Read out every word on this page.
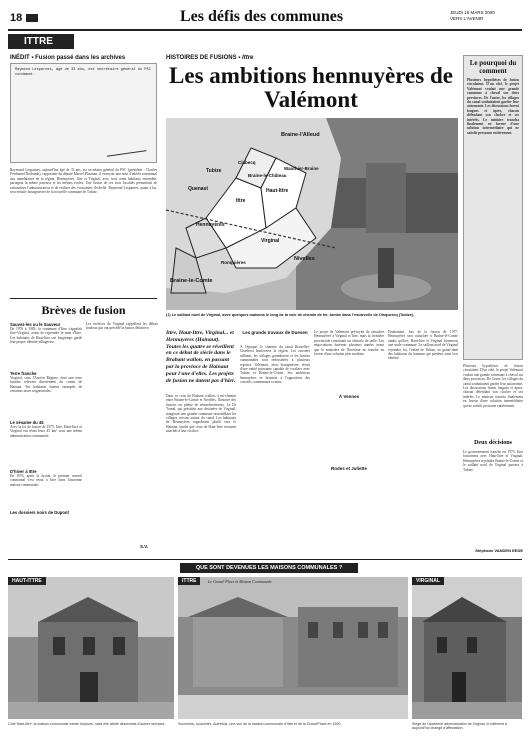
18	Les défis des communes	JEUDI 16 MARS 2000
VERS L'AVENIR
ITTRE
INÉDIT ▪ Fusion passé dans les archives
Raymond Lesparnes, âgé de 33 ans, est secrétaire général du PSC condamné.
Raymond Lesparnes, aujourd'hui âgé de 33 ans, est secrétaire général du PSC (président : Charles Ferdinand Nothomb), rapporteur du député Marcel Plasman, il envoyait une note d'intérêt communal aux mandataires de la région. Hennuyères, Ittre et Virginal, avec trois cents habitants ensemble, partagent la même paroisse et les mêmes écoles. Une fusion de ces trois localités permettrait de rationaliser l'administration et de réaliser des économies d'échelle. Raymond Lesparnes, quant à lui, sera ensuite bourgmestre de la nouvelle commune de Tubize.
Brèves de fusion
Sauvez-les ou le Sauveur
De 1976 à 1983, la commune d'Ittre s'appelait Ittre-Virginal, avant de reprendre le nom d'Ittre. Les habitants de Haut-Ittre ont longtemps gardé leur propre identité villageoise.
Terre franche
Virginal, sous l'Ancien Régime, était une terre franche relevant directement du comte de Hainaut. Ses habitants étaient exemptés de certaines taxes seigneuriales.
Le sésame du 45
Avec la loi de fusion de 1975, Ittre, Haut-Ittre et Virginal ont réuni leurs 45 km² sous une même administration communale.
D'hiver à Ittre
En 1976, après la fusion, le premier conseil communal s'est réuni à Ittre dans l'ancienne maison communale.
Les dossiers noirs de Dupont
Les archives de Virginal rappellent les débats houleux qui ont précédé la fusion définitive.
S.V.
HISTOIRES DE FUSIONS ▪ Ittre
Les ambitions hennuyères de Valémont
Braine-l'Alleud
Ittre
Haut-Ittre
Virginal
Quenast
Tubize
Clabecq
Braine-le-Château
Wauthier-Braine
Hennuyères
Ronquières
Braine-le-Comte
Nivelles
(1) Le saillant nord de Virginal, avec quelques maisons le long de la voie de chemin de fer, tombe dans l'escarcelle de Oisquercq (Tubize).
Ittre, Haut-Ittre, Virginal... et Hennuyères (Hainaut). Toutes les quatre se réveillent en ce début de siècle dans le Brabant wallon, en passant par la province de Hainaut pour l'une d'elles. Les projets de fusion ne datent pas d'hier.
Dans ce coin du Brabant wallon, à mi-chemin entre Braine-le-Comte et Nivelles, l'histoire des fusions est pleine de rebondissements. Le Dr Tornal, qui présidait aux destinées de Virginal, imaginait une grande commune rassemblant les villages voisins autour du canal. Les habitants de Hennuyères regardaient plutôt vers le Hainaut, tandis que ceux de Haut-Ittre restaient attachés à leur clocher.
Les grands travaux de Duesen
À l'époque, le chantier du canal Bruxelles-Charleroi bouleverse la région. Les ouvriers affluent, les villages grandissent et les limites communales sont redessinées à plusieurs reprises. Valémont, alors bourgmestre, rêvait d'une entité puissante capable de rivaliser avec Tubize et Braine-le-Comte. Ses ambitions hennuyères se heurtent à l'opposition des conseils communaux voisins.
Le projet de Valémont prévoyait de rattacher Hennuyères à Virginal et Ittre, mais la frontière provinciale constituait un obstacle de taille. Les négociations durèrent plusieurs années avant que le ministère de l'Intérieur ne tranche en faveur d'une solution plus modeste.
À Vennes
Rodes et Juliette
Finalement, lors de la fusion de 1977, Hennuyères sera rattachée à Braine-le-Comte tandis qu'Ittre, Haut-Ittre et Virginal formeront une seule commune. Le saillant nord de Virginal rejoindra, lui, l'entité de Tubize, au grand dam des habitants du hameau qui perdent ainsi leur identité.
Le pourquoi du comment
Plusieurs hypothèses de fusion circulaient. D'un côté, le projet Valémont voulait une grande commune à cheval sur deux provinces. De l'autre, les villages du canal souhaitaient garder leur autonomie. Les discussions furent longues et âpres, chacun défendant son clocher et ses intérêts. Le ministre trancha finalement en faveur d'une solution intermédiaire qui ne satisfit personne entièrement.
Plusieurs hypothèses de fusion circulaient. D'un côté, le projet Valémont voulait une grande commune à cheval sur deux provinces. De l'autre, les villages du canal souhaitaient garder leur autonomie. Les discussions furent longues et âpres, chacun défendant son clocher et ses intérêts. Le ministre trancha finalement en faveur d'une solution intermédiaire qui ne satisfit personne entièrement.
Deux décisions
Le gouvernement tranche en 1975. Ittre fusionnera avec Haut-Ittre et Virginal, Hennuyères rejoindra Braine-le-Comte et le saillant nord de Virginal passera à Tubize.
Stéphane VANDEN EEDE
QUE SONT DEVENUES LES MAISONS COMMUNALES ?
HAUT-ITTRE
Côté Haut-Ittre, la maison communale existe toujours, mais elle abrite désormais d'autres services.
ITTRE	Le Grand' Place et Maison Communale
Souvenirs, souvenirs. Autrefois, une vue de la maison communale d'Ittre et de la Grand'Place en 1900.
VIRGINAL
Siège de l'ancienne administration de Virginal, le bâtiment a aujourd'hui changé d'affectation.
